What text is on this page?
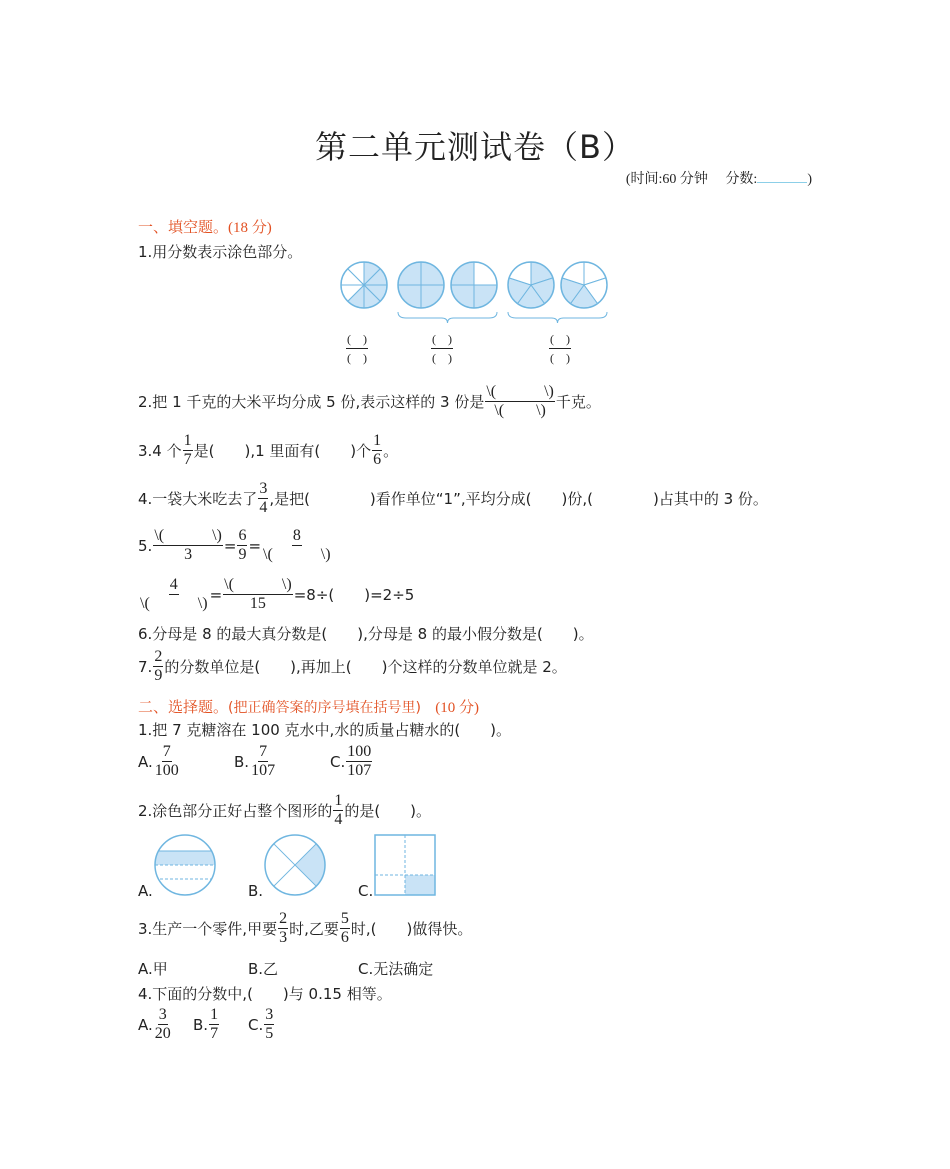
第二单元测试卷（B）
(时间:60 分钟 分数:	)
一、填空题。(18 分)
1.用分数表示涂色部分。
$\frac{( )}{( )}$	$\frac{( )}{( )}$	$\frac{( )}{( )}$
2.把 1 千克的大米平均分成 5 份,表示这样的 3 份是 $\frac{\backslash( \backslash)}{\backslash( \backslash)}$ 千克。
3.4 个 $\frac{1}{7}$ 是(　　),1 里面有(　　)个 $\frac{1}{6}$ 。
4.一袋大米吃去了 $\frac{3}{4}$ ,是把(　　　　)看作单位“1”,平均分成(　　)份,(　　　　)占其中的 3 份。
5. $\frac{\backslash( \backslash)}{3} = \frac{6}{9} = \frac{8}{\backslash( \backslash)}$
$\frac{4}{\backslash( \backslash)} = \frac{\backslash( \backslash)}{15} =8\div$(　　)=2÷5
6.分母是 8 的最大真分数是(　　),分母是 8 的最小假分数是(　　)。
7. $\frac{2}{9}$ 的分数单位是(　　),再加上(　　)个这样的分数单位就是 2。
二、选择题。(把正确答案的序号填在括号里) (10 分)
1.把 7 克糖溶在 100 克水中,水的质量占糖水的(　　)。
A. $\frac{7}{100}$	B. $\frac{7}{107}$	C. $\frac{100}{107}$
2.涂色部分正好占整个图形的 $\frac{1}{4}$ 的是(　　)。
A.	B.	C.
3.生产一个零件,甲要 $\frac{2}{3}$ 时,乙要 $\frac{5}{6}$ 时,(　　)做得快。
A.甲	B.乙	C.无法确定
4.下面的分数中,(　　)与 0.15 相等。
A. $\frac{3}{20} B$. $\frac{1}{7} C$. $\frac{3}{5}$
